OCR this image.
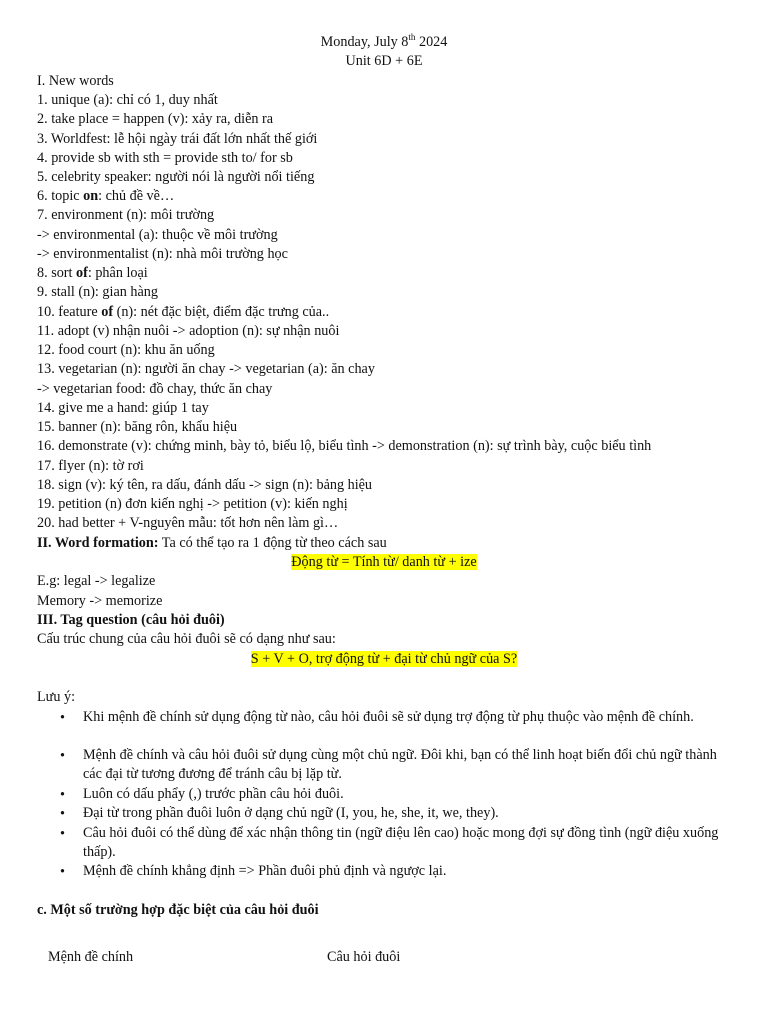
Monday, July 8th 2024
Unit 6D + 6E
I. New words
1. unique (a): chỉ có 1, duy nhất
2. take place = happen (v): xảy ra, diễn ra
3. Worldfest: lễ hội ngày trái đất lớn nhất thế giới
4. provide sb with sth = provide sth to/ for sb
5. celebrity speaker: người nói là người nổi tiếng
6. topic on: chủ đề về…
7. environment (n): môi trường
-> environmental (a): thuộc về môi trường
-> environmentalist (n): nhà môi trường học
8. sort of: phân loại
9. stall (n): gian hàng
10. feature of (n): nét đặc biệt, điểm đặc trưng của..
11. adopt (v) nhận nuôi -> adoption (n): sự nhận nuôi
12. food court (n): khu ăn uống
13. vegetarian (n): người ăn chay -> vegetarian (a): ăn chay
-> vegetarian food: đồ chay, thức ăn chay
14. give me a hand: giúp 1 tay
15. banner (n): băng rôn, khẩu hiệu
16. demonstrate (v): chứng minh, bày tỏ, biểu lộ, biểu tình -> demonstration (n): sự trình bày, cuộc biểu tình
17. flyer (n): tờ rơi
18. sign (v): ký tên, ra dấu, đánh dấu -> sign (n): bảng hiệu
19. petition (n) đơn kiến nghị -> petition (v): kiến nghị
20. had better + V-nguyên mẫu: tốt hơn nên làm gì…
II. Word formation: Ta có thể tạo ra 1 động từ theo cách sau
Động từ = Tính từ/ danh từ + ize
E.g: legal -> legalize
Memory -> memorize
III. Tag question (câu hỏi đuôi)
Cấu trúc chung của câu hỏi đuôi sẽ có dạng như sau:
S + V + O, trợ động từ + đại từ chủ ngữ của S?
Lưu ý:
• Khi mệnh đề chính sử dụng động từ nào, câu hỏi đuôi sẽ sử dụng trợ động từ phụ thuộc vào mệnh đề chính.
• Mệnh đề chính và câu hỏi đuôi sử dụng cùng một chủ ngữ. Đôi khi, bạn có thể linh hoạt biến đổi chủ ngữ thành các đại từ tương đương để tránh câu bị lặp từ.
• Luôn có dấu phẩy (,) trước phần câu hỏi đuôi.
• Đại từ trong phần đuôi luôn ở dạng chủ ngữ (I, you, he, she, it, we, they).
• Câu hỏi đuôi có thể dùng để xác nhận thông tin (ngữ điệu lên cao) hoặc mong đợi sự đồng tình (ngữ điệu xuống thấp).
• Mệnh đề chính khẳng định => Phần đuôi phủ định và ngược lại.
c. Một số trường hợp đặc biệt của câu hỏi đuôi
Mệnh đề chính	Câu hỏi đuôi
